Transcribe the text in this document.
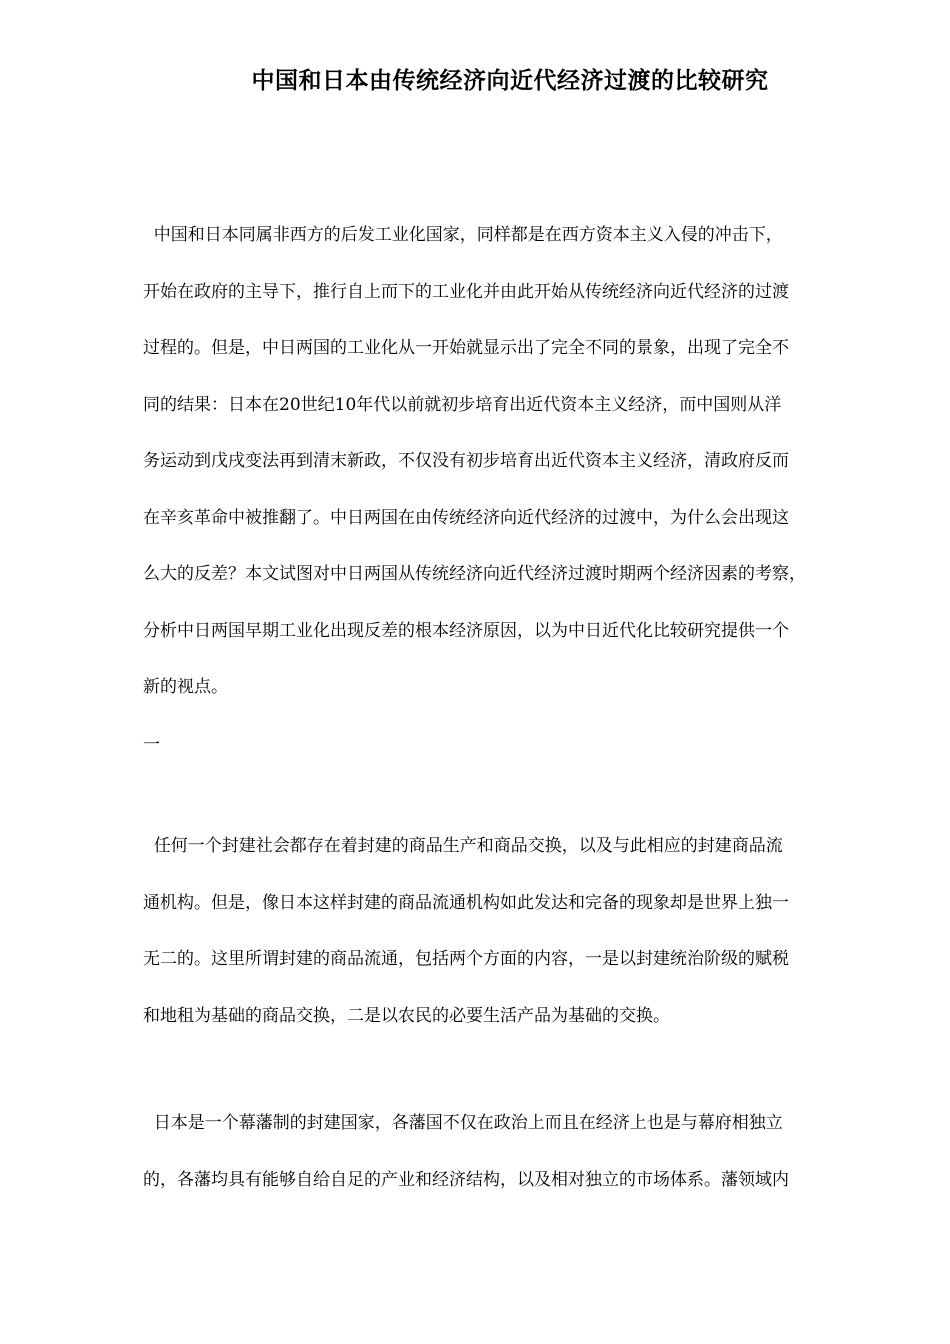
中国和日本由传统经济向近代经济过渡的比较研究
中国和日本同属非西方的后发工业化国家，同样都是在西方资本主义入侵的冲击下，
开始在政府的主导下，推行自上而下的工业化并由此开始从传统经济向近代经济的过渡
过程的。但是，中日两国的工业化从一开始就显示出了完全不同的景象，出现了完全不
同的结果：日本在20世纪10年代以前就初步培育出近代资本主义经济，而中国则从洋
务运动到戊戌变法再到清末新政，不仅没有初步培育出近代资本主义经济，清政府反而
在辛亥革命中被推翻了。中日两国在由传统经济向近代经济的过渡中，为什么会出现这
么大的反差？本文试图对中日两国从传统经济向近代经济过渡时期两个经济因素的考察，
分析中日两国早期工业化出现反差的根本经济原因，以为中日近代化比较研究提供一个
新的视点。
一
任何一个封建社会都存在着封建的商品生产和商品交换，以及与此相应的封建商品流
通机构。但是，像日本这样封建的商品流通机构如此发达和完备的现象却是世界上独一
无二的。这里所谓封建的商品流通，包括两个方面的内容，一是以封建统治阶级的赋税
和地租为基础的商品交换，二是以农民的必要生活产品为基础的交换。
日本是一个幕藩制的封建国家，各藩国不仅在政治上而且在经济上也是与幕府相独立
的，各藩均具有能够自给自足的产业和经济结构，以及相对独立的市场体系。藩领域内
